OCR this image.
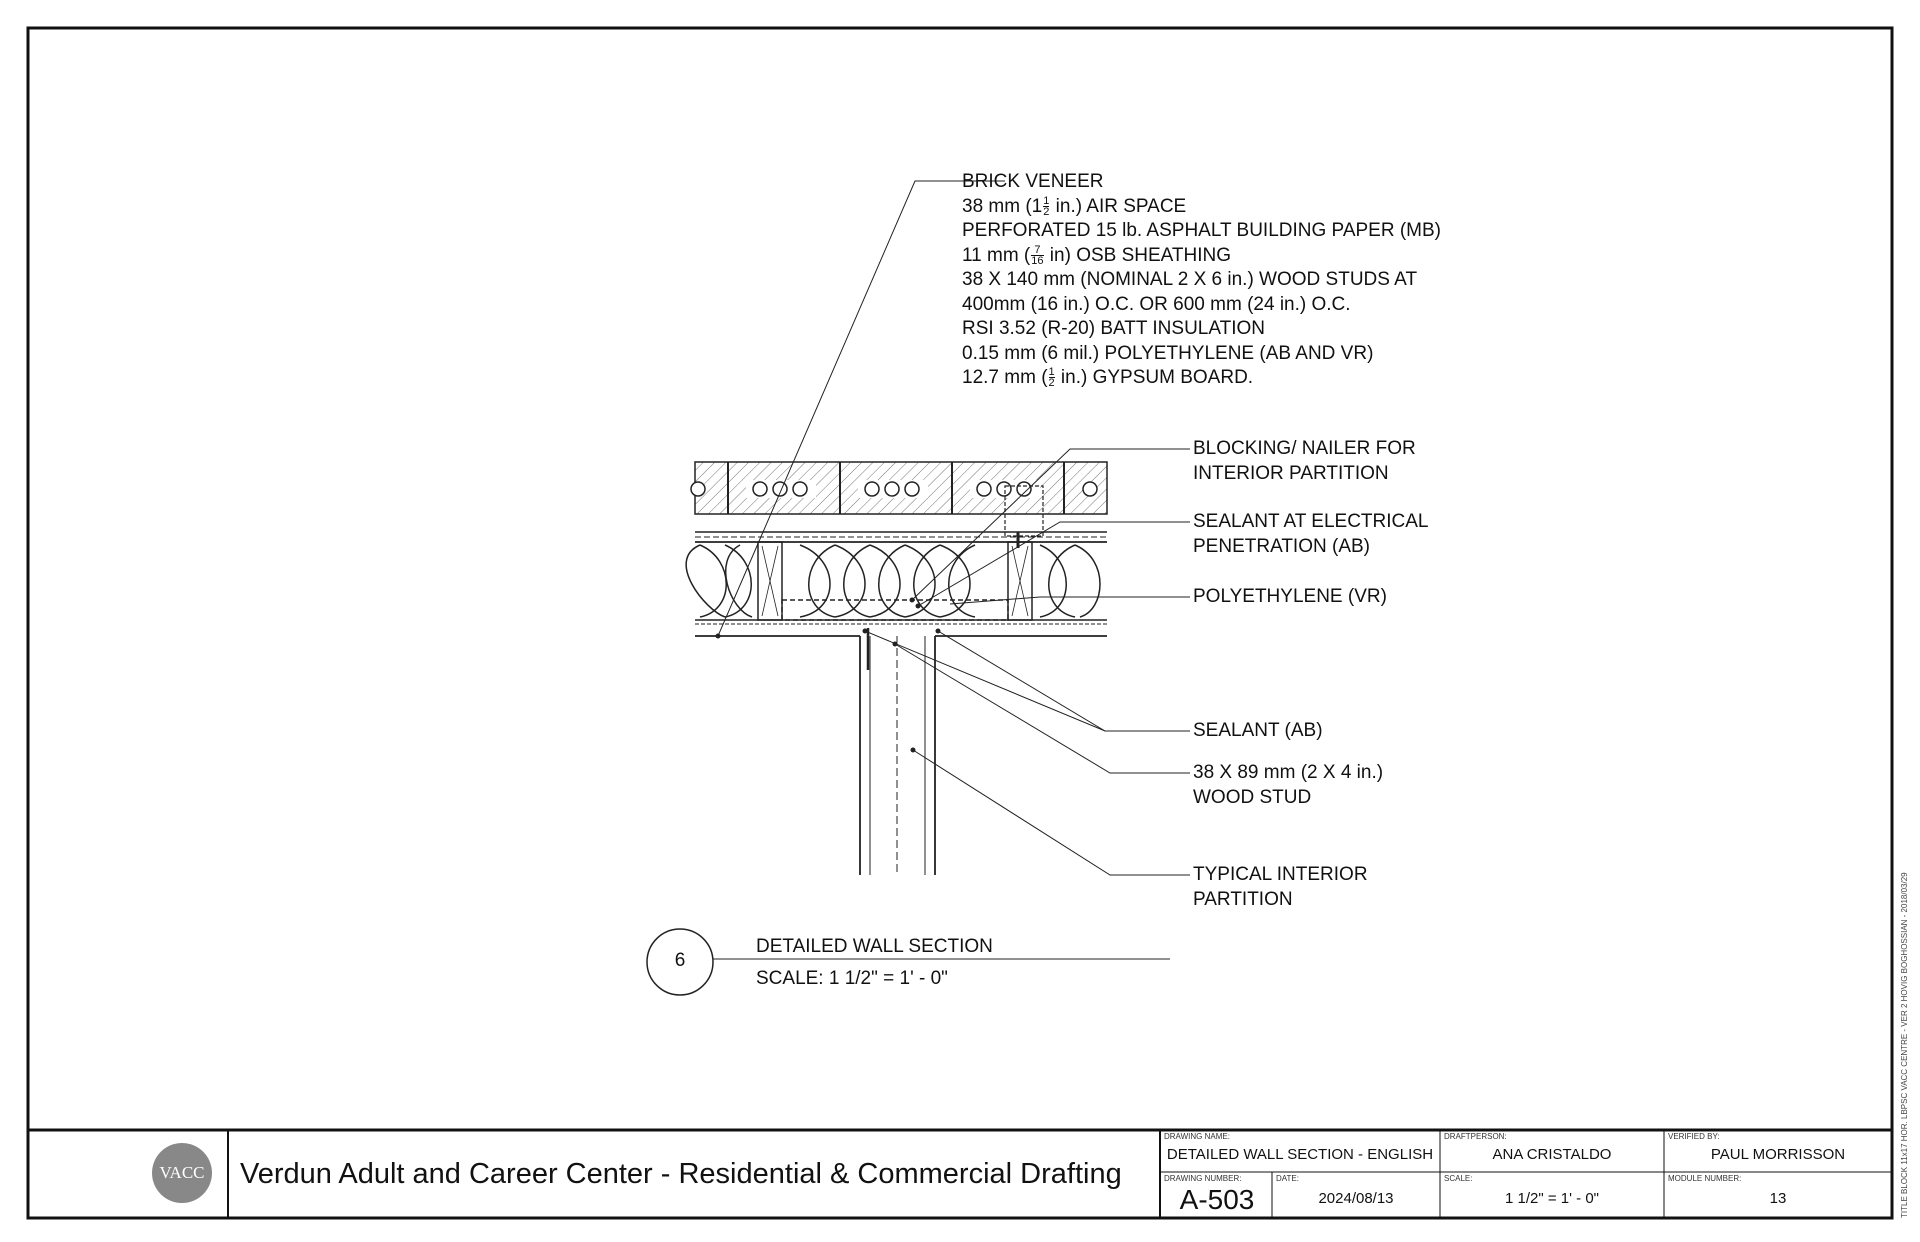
BRICK VENEER
38 mm $(1 \frac{1}{2} in.)$ AIR SPACE
PERFORATED 15 lb. ASPHALT BUILDING PAPER (MB)
11 mm ( $\frac{7}{16} in$) OSB SHEATHING
38 X 140 mm (NOMINAL 2 X 6 in.) WOOD STUDS AT
400mm (16 in.) O.C. OR 600 mm (24 in.) O.C.
RSI 3.52 (R-20) BATT INSULATION
0.15 mm (6 mil.) POLYETHYLENE (AB AND VR)
12.7 mm ( $\frac{1}{2} in$.) GYPSUM BOARD.
BLOCKING/ NAILER FOR
INTERIOR PARTITION
SEALANT AT ELECTRICAL
PENETRATION (AB)
POLYETHYLENE (VR)
SEALANT (AB)
38 X 89 mm (2 X 4 in.)
WOOD STUD
TYPICAL INTERIOR
PARTITION
6
DETAILED WALL SECTION
SCALE: 1 1/2" = 1' - 0"
VACC Verdun Adult and Career Center - Residential & Commercial Drafting
DRAWING NAME:
DETAILED WALL SECTION - ENGLISH
DRAFTPERSON:
ANA CRISTALDO
VERIFIED BY:
PAUL MORRISSON
DRAWING NUMBER:
A-503
DATE:
2024/08/13
SCALE:
1 1/2" = 1' - 0"
MODULE NUMBER:
13	TITLE BLOCK 11x17 HOR. LBPSC VACC CENTRE - VER 2 HOVIG BOGHOSSIAN - 2018/03/29
